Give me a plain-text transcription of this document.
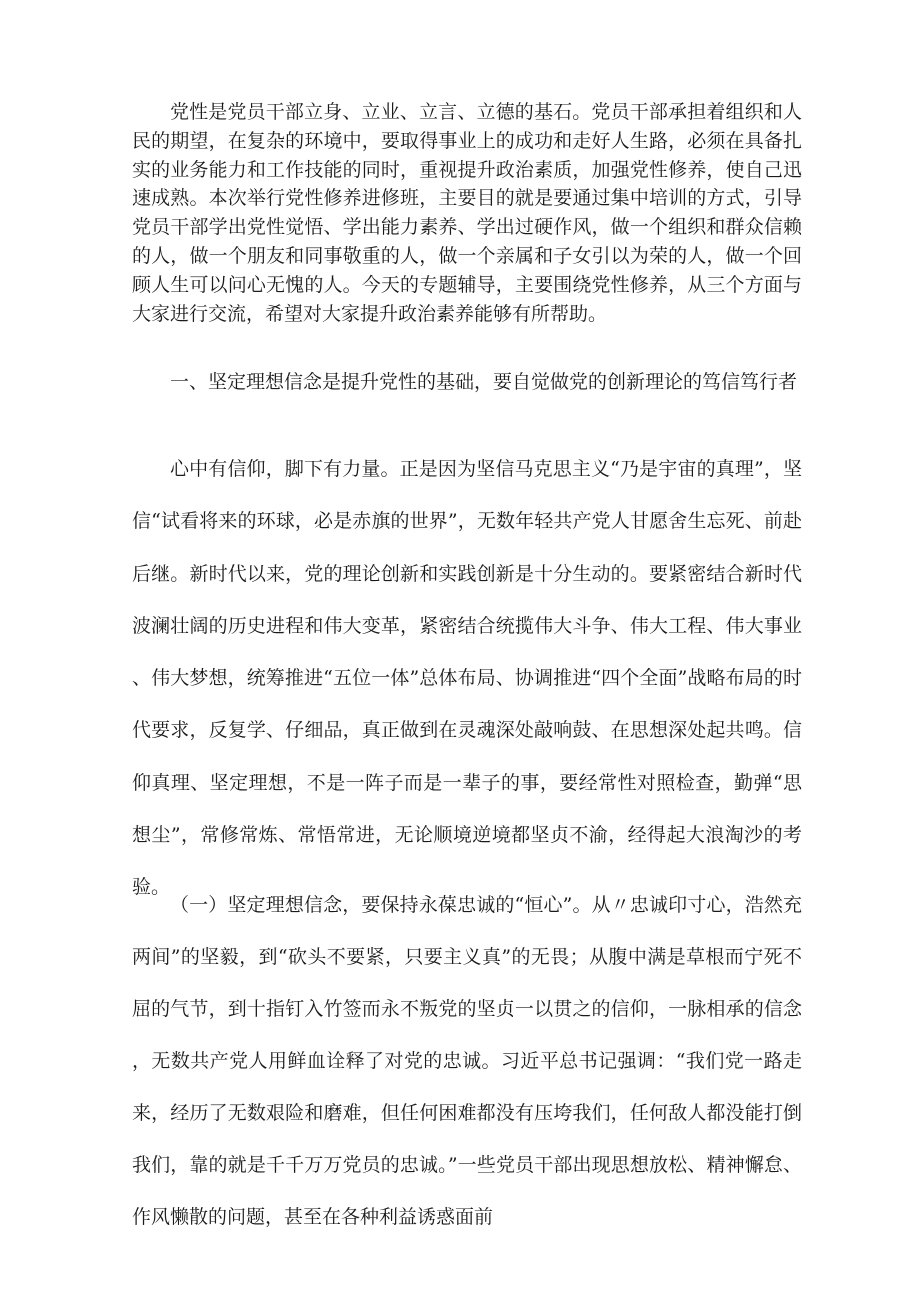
党性是党员干部立身、立业、立言、立德的基石。党员干部承担着组织和人民的期望，在复杂的环境中，要取得事业上的成功和走好人生路，必须在具备扎实的业务能力和工作技能的同时，重视提升政治素质，加强党性修养，使自己迅速成熟。本次举行党性修养进修班，主要目的就是要通过集中培训的方式，引导党员干部学出党性觉悟、学出能力素养、学出过硬作风，做一个组织和群众信赖的人，做一个朋友和同事敬重的人，做一个亲属和子女引以为荣的人，做一个回顾人生可以问心无愧的人。今天的专题辅导，主要围绕党性修养，从三个方面与大家进行交流，希望对大家提升政治素养能够有所帮助。

一、坚定理想信念是提升党性的基础，要自觉做党的创新理论的笃信笃行者

心中有信仰，脚下有力量。正是因为坚信马克思主义“乃是宇宙的真理”，坚信“试看将来的环球，必是赤旗的世界”，无数年轻共产党人甘愿舍生忘死、前赴后继。新时代以来，党的理论创新和实践创新是十分生动的。要紧密结合新时代波澜壮阔的历史进程和伟大变革，紧密结合统揽伟大斗争、伟大工程、伟大事业、伟大梦想，统筹推进“五位一体”总体布局、协调推进“四个全面”战略布局的时代要求，反复学、仔细品，真正做到在灵魂深处敲响鼓、在思想深处起共鸣。信仰真理、坚定理想，不是一阵子而是一辈子的事，要经常性对照检查，勤弹“思想尘”，常修常炼、常悟常进，无论顺境逆境都坚贞不渝，经得起大浪淘沙的考验。

（一）坚定理想信念，要保持永葆忠诚的“恒心”。从〃忠诚印寸心，浩然充两间”的坚毅，到“砍头不要紧，只要主义真”的无畏；从腹中满是草根而宁死不屈的气节，到十指钉入竹签而永不叛党的坚贞一以贯之的信仰，一脉相承的信念，无数共产党人用鲜血诠释了对党的忠诚。习近平总书记强调：“我们党一路走来，经历了无数艰险和磨难，但任何困难都没有压垮我们，任何敌人都没能打倒我们，靠的就是千千万万党员的忠诚。”一些党员干部出现思想放松、精神懈怠、作风懒散的问题，甚至在各种利益诱惑面前
